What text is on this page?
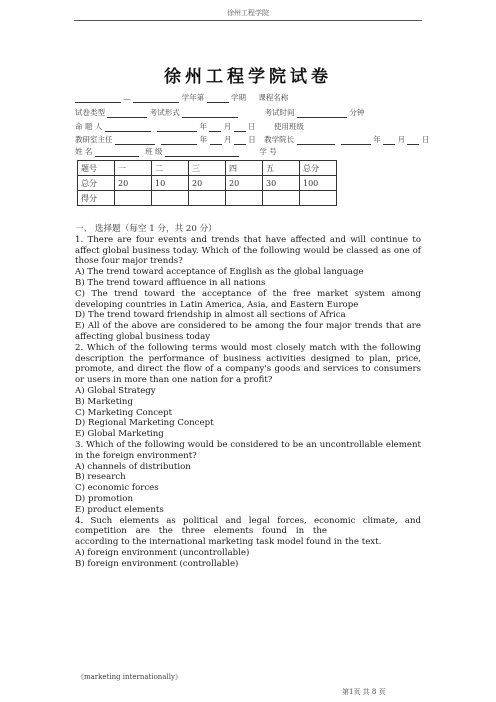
徐州工程学院
徐州工程学院试卷
—	学年第	学期 课程名称
试卷类型	考试形式	考试时间	分钟
命 题 人	年 月 日 使用班级
教研室主任	年 月 日 教学院长	年 月 日
姓 名	班 级	学 号
题号	一	二	三	四	五	总分
总分	20	10	20	20	30	100
得分						
一、 选择题（每空 1 分，共 20 分）
1. There are four events and trends that have affected and will continue to affect global business today. Which of the following would be classed as one of those four major trends?
A) The trend toward acceptance of English as the global language
B) The trend toward affluence in all nations
C) The trend toward the acceptance of the free market system among developing countries in Latin America, Asia, and Eastern Europe
D) The trend toward friendship in almost all sections of Africa
E) All of the above are considered to be among the four major trends that are affecting global business today
2. Which of the following terms would most closely match with the following description the performance of business activities designed to plan, price, promote, and direct the flow of a company's goods and services to consumers or users in more than one nation for a profit?
A) Global Strategy
B) Marketing
C) Marketing Concept
D) Regional Marketing Concept
E) Global Marketing
3. Which of the following would be considered to be an uncontrollable element in the foreign environment?
A) channels of distribution
B) research
C) economic forces
D) promotion
E) product elements
4. Such elements as political and legal forces, economic climate, and competition are the three elements found in theaccording to the international marketing task model found in the text.
A) foreign environment (uncontrollable)
B) foreign environment (controllable)
《marketing internationally》
第1页 共 8 页
